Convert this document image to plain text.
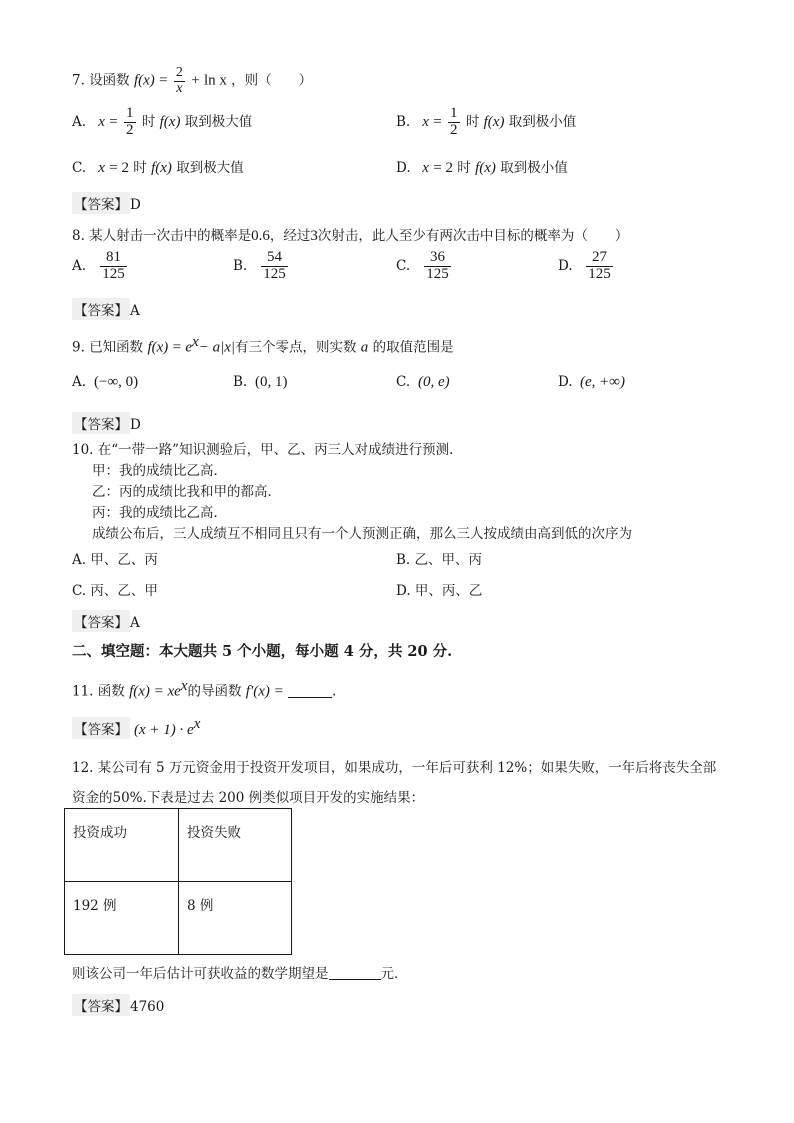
7. 设函数 $f(x) = \frac{2}{x} + \ln x$ ，则（　　）
A. $x = \frac{1}{2}$ 时 f(x) 取到极大值	B. $x = \frac{1}{2}$ 时 f(x) 取到极小值
C. x = 2 时 f(x) 取到极大值	D. x = 2 时 f(x) 取到极小值
【答案】 D
8. 某人射击一次击中的概率是0.6，经过3次射击，此人至少有两次击中目标的概率为（　　）
A. $\frac{81}{125}$	B. $\frac{54}{125}$	C. $\frac{36}{125}$	D. $\frac{27}{125}$
【答案】 A
9. 已知函数 $f(x) = e^x- a|x|$有三个零点，则实数 a 的取值范围是
A. (−∞, 0)	B. (0, 1)	C. (0, e)	D. (e, +∞)
【答案】 D
10. 在“一带一路”知识测验后，甲、乙、丙三人对成绩进行预测．
甲：我的成绩比乙高．
乙：丙的成绩比我和甲的都高．
丙：我的成绩比乙高．
成绩公布后，三人成绩互不相同且只有一个人预测正确，那么三人按成绩由高到低的次序为
A. 甲、乙、丙	B. 乙、甲、丙
C. 丙、乙、甲	D. 甲、丙、乙
【答案】 A
二、填空题：本大题共 5 个小题，每小题 4 分，共 20 分.
11. 函数 $f(x) = xe^x$的导函数 f′(x) =	.
【答案】 $(x + 1) \cdot e^x$
12. 某公司有 5 万元资金用于投资开发项目，如果成功，一年后可获利 12%；如果失败，一年后将丧失全部
资金的50%.下表是过去 200 例类似项目开发的实施结果：
投资成功	投资失败
192 例	8 例
则该公司一年后估计可获收益的数学期望是	元．
【答案】 4760
